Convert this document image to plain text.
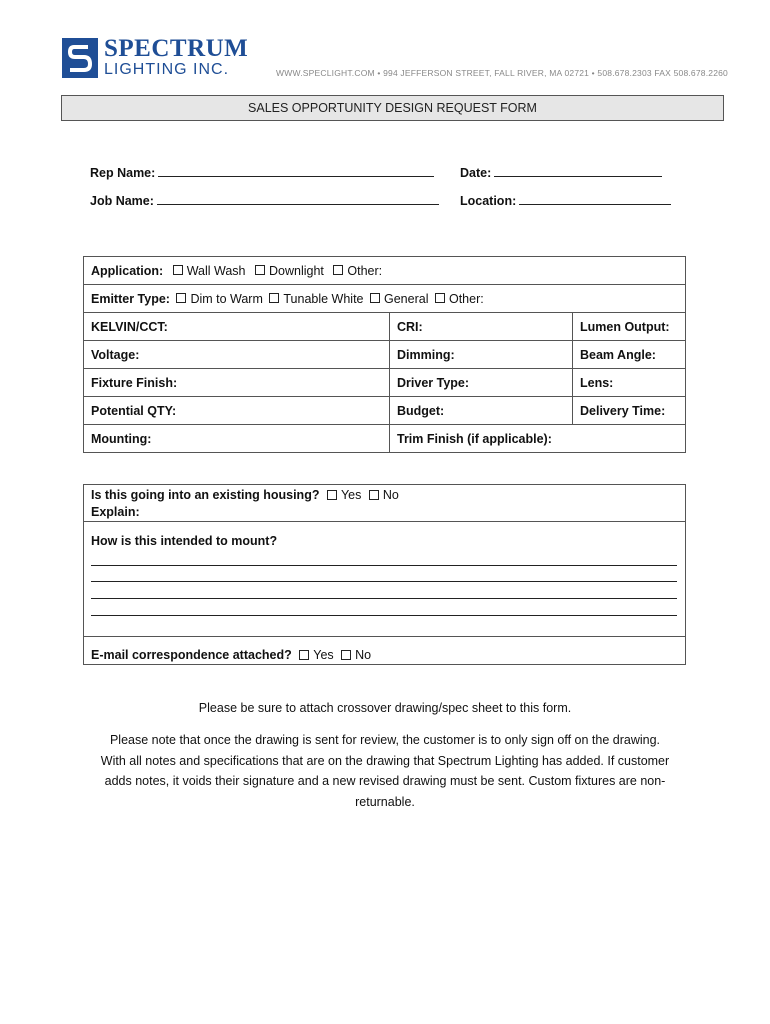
SPECTRUM
LIGHTING INC.	WWW.SPECLIGHT.COM • 994 JEFFERSON STREET, FALL RIVER, MA 02721 • 508.678.2303 FAX 508.678.2260
SALES OPPORTUNITY DESIGN REQUEST FORM
Rep Name:	Date:
Job Name:	Location:
Application: Wall Wash Downlight Other:		
Emitter Type: Dim to Warm Tunable White General Other:		
KELVIN/CCT:	CRI:	Lumen Output:
Voltage:	Dimming:	Beam Angle:
Fixture Finish:	Driver Type:	Lens:
Potential QTY:	Budget:	Delivery Time:
Mounting:	Trim Finish (if applicable):	
Is this going into an existing housing? Yes No
Explain:
How is this intended to mount?
E-mail correspondence attached? Yes No
Please be sure to attach crossover drawing/spec sheet to this form.
Please note that once the drawing is sent for review, the customer is to only sign off on the drawing.
With all notes and specifications that are on the drawing that Spectrum Lighting has added. If customer
adds notes, it voids their signature and a new revised drawing must be sent. Custom fixtures are non-
returnable.
